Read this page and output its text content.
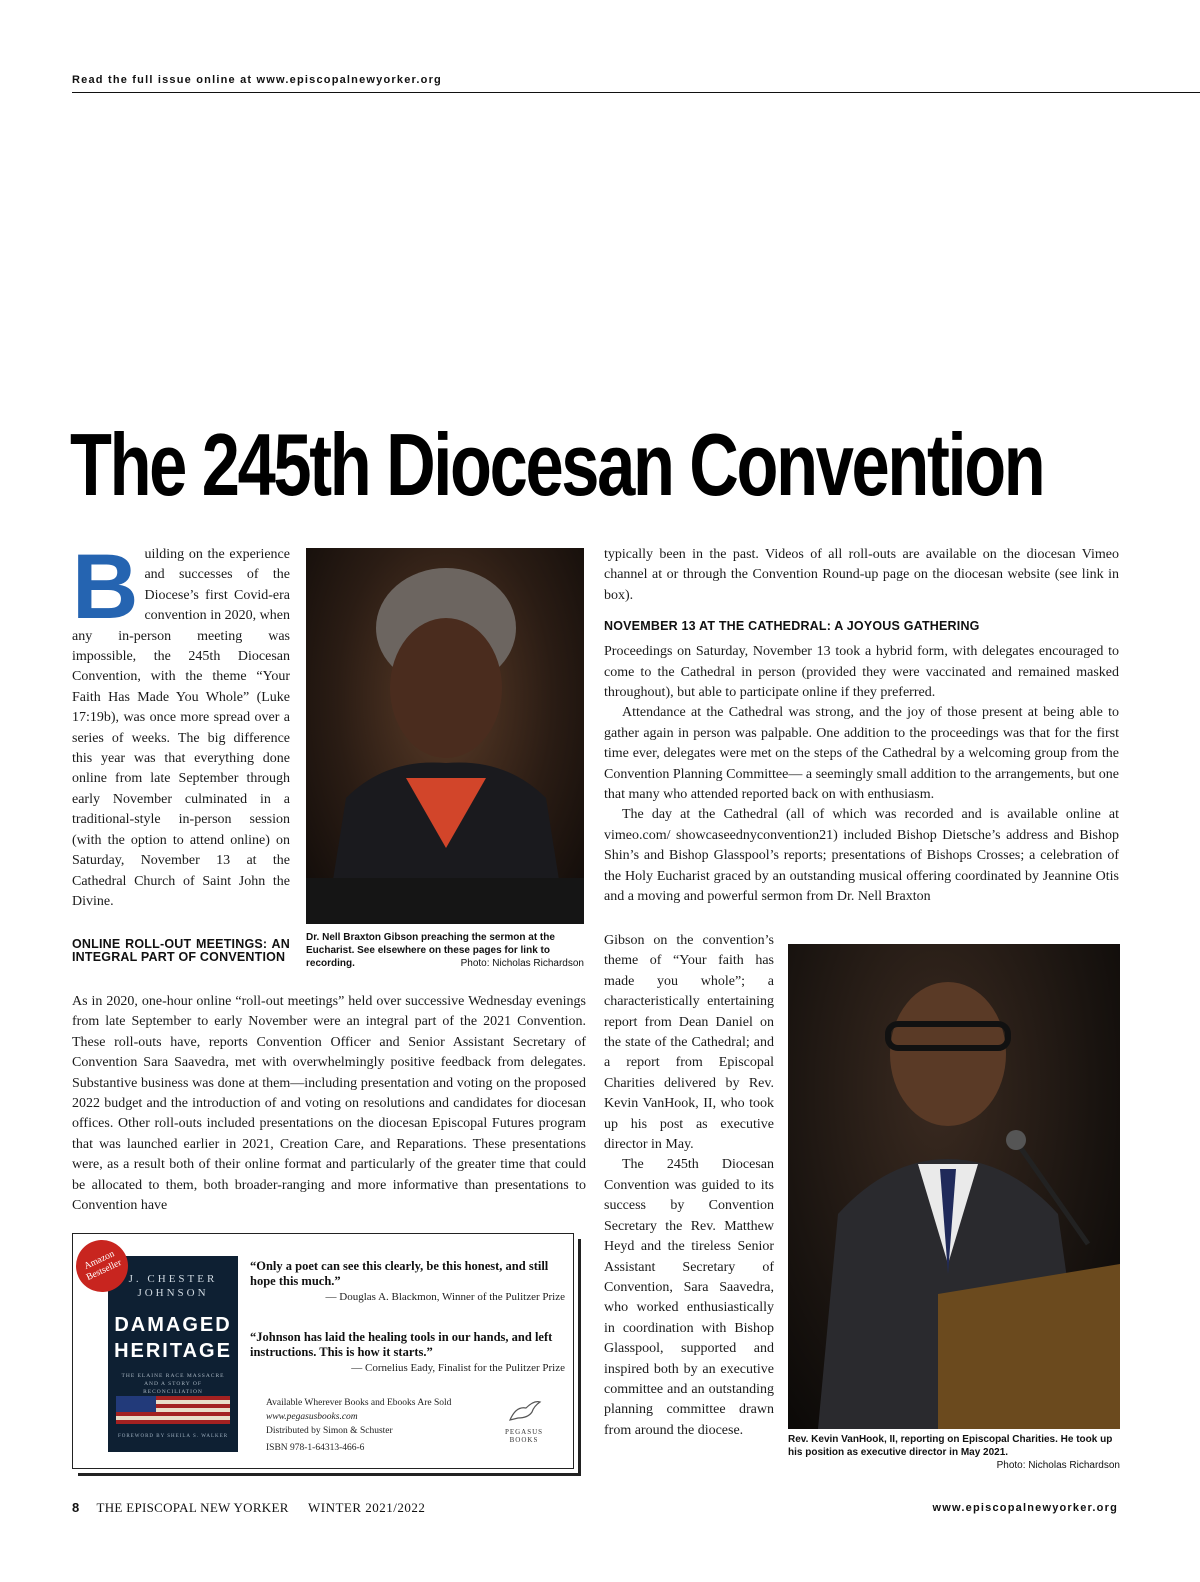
Read the full issue online at www.episcopalnewyorker.org
The 245th Diocesan Convention
B uilding on the experience and successes of the Diocese’s first Covid-era convention in 2020, when any in-person meeting was impossible, the 245th Diocesan Convention, with the theme “Your Faith Has Made You Whole” (Luke 17:19b), was once more spread over a series of weeks. The big difference this year was that everything done online from late September through early November culminated in a traditional-style in-person session (with the option to attend online) on Saturday, November 13 at the Cathedral Church of Saint John the Divine.

ONLINE ROLL-OUT MEETINGS: AN INTEGRAL PART OF CONVENTION
Dr. Nell Braxton Gibson preaching the sermon at the Eucharist. See elsewhere on these pages for link to recording.	Photo: Nicholas Richardson

As in 2020, one-hour online “roll-out meetings” held over successive Wednesday evenings from late September to early November were an integral part of the 2021 Convention. These roll-outs have, reports Convention Officer and Senior Assistant Secretary of Convention Sara Saavedra, met with overwhelmingly positive feedback from delegates. Substantive business was done at them—including presentation and voting on the proposed 2022 budget and the introduction of and voting on resolutions and candidates for diocesan offices. Other roll-outs included presentations on the diocesan Episcopal Futures program that was launched earlier in 2021, Creation Care, and Reparations. These presentations were, as a result both of their online format and particularly of the greater time that could be allocated to them, both broader-ranging and more informative than presentations to Convention have

typically been in the past. Videos of all roll-outs are available on the diocesan Vimeo channel at or through the Convention Round-up page on the diocesan website (see link in box).

NOVEMBER 13 AT THE CATHEDRAL: A JOYOUS GATHERING

Proceedings on Saturday, November 13 took a hybrid form, with delegates encouraged to come to the Cathedral in person (provided they were vaccinated and remained masked throughout), but able to participate online if they preferred.

Attendance at the Cathedral was strong, and the joy of those present at being able to gather again in person was palpable. One addition to the proceedings was that for the first time ever, delegates were met on the steps of the Cathedral by a welcoming group from the Convention Planning Committee— a seemingly small addition to the arrangements, but one that many who attended reported back on with enthusiasm.

The day at the Cathedral (all of which was recorded and is available online at vimeo.com/ showcaseednyconvention21) included Bishop Dietsche’s address and Bishop Shin’s and Bishop Glasspool’s reports; presentations of Bishops Crosses; a celebration of the Holy Eucharist graced by an outstanding musical offering coordinated by Jeannine Otis and a moving and powerful sermon from Dr. Nell Braxton

Gibson on the convention’s theme of “Your faith has made you whole”; a characteristically entertaining report from Dean Daniel on the state of the Cathedral; and a report from Episcopal Charities delivered by Rev. Kevin VanHook, II, who took up his post as executive director in May.

The 245th Diocesan Convention was guided to its success by Convention Secretary the Rev. Matthew Heyd and the tireless Senior Assistant Secretary of Convention, Sara Saavedra, who worked enthusiastically in coordination with Bishop Glasspool, supported and inspired both by an executive committee and an outstanding planning committee drawn from around the diocese.

Rev. Kevin VanHook, II, reporting on Episcopal Charities. He took up his position as executive director in May 2021.
Photo: Nicholas Richardson
J. CHESTER JOHNSON
DAMAGED
HERITAGE
THE ELAINE RACE MASSACRE AND A STORY OF RECONCILIATION
FOREWORD BY SHEILA S. WALKER
Amazon Bestseller	“Only a poet can see this clearly, be this honest, and still hope this much.”
— Douglas A. Blackmon, Winner of the Pulitzer Prize
“Johnson has laid the healing tools in our hands, and left instructions. This is how it starts.”
— Cornelius Eady, Finalist for the Pulitzer Prize
Available Wherever Books and Ebooks Are Sold
www.pegasusbooks.com
Distributed by Simon & Schuster
ISBN 978-1-64313-466-6
PEGASUS BOOKS
8 THE EPISCOPAL NEW YORKER WINTER 2021/2022	www.episcopalnewyorker.org
